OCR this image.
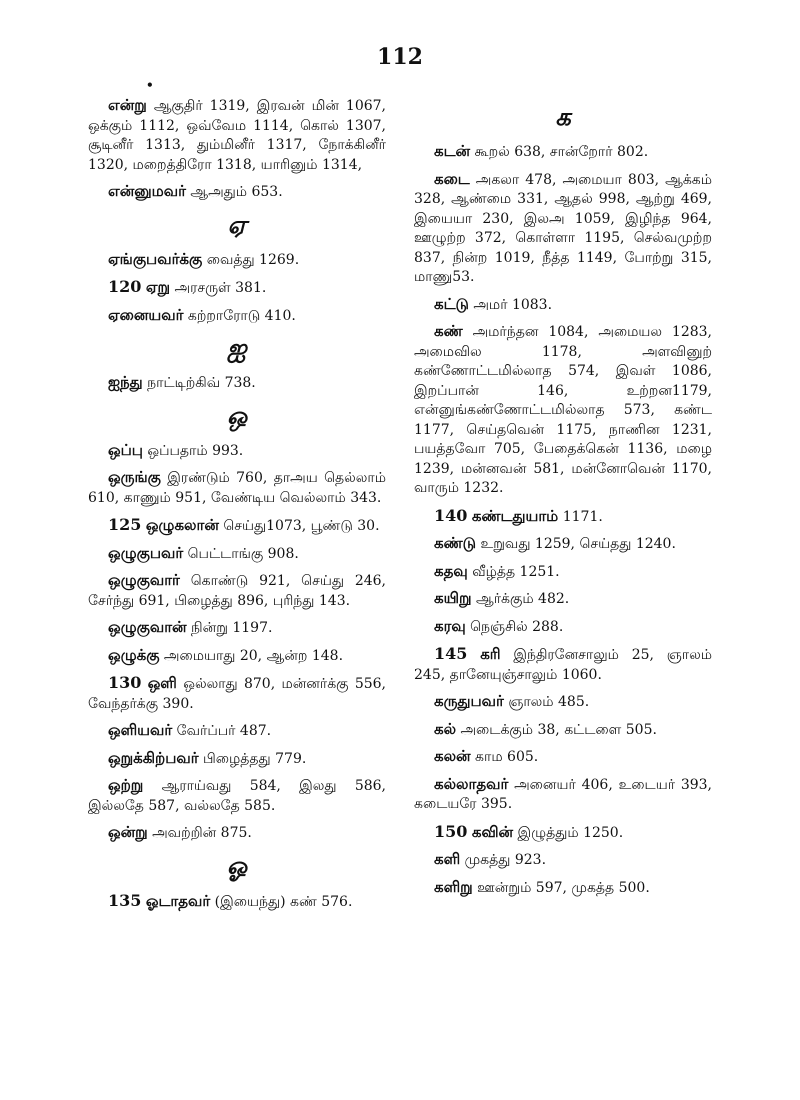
112
•
என்று ஆகுதிர் 1319, இரவன் மின் 1067, ஒக்கும் 1112, ஒவ்வேம 1114, கொல் 1307, சூடினீர் 1313, தும்மினீர் 1317, நோக்கினீர் 1320, மறைத்திரோ 1318, யாரினும் 1314,
என்னுமவர் ஆஅதும் 653.
ஏ
ஏங்குபவர்க்கு வைத்து 1269.
120 ஏறு அரசருள் 381.
ஏனையவர் கற்றாரோடு 410.
ஐ
ஐந்து நாட்டிற்கிவ் 738.
ஒ
ஒப்பு ஒப்பதாம் 993.
ஒருங்கு இரண்டும் 760, தாஅய தெல்லாம் 610, காணும் 951, வேண்டிய வெல்லாம் 343.
125 ஒழுகலான் செய்து1073, பூண்டு 30.
ஒழுகுபவர் பெட்டாங்கு 908.
ஒழுகுவார் கொண்டு 921, செய்து 246, சேர்ந்து 691, பிழைத்து 896, புரிந்து 143.
ஒழுகுவான் நின்று 1197.
ஒழுக்கு அமையாது 20, ஆன்ற 148.
130 ஒளி ஒல்லாது 870, மன்னர்க்கு 556, வேந்தர்க்கு 390.
ஒளியவர் வேர்ப்பர் 487.
ஒறுக்கிற்பவர் பிழைத்தது 779.
ஒற்று ஆராய்வது 584, இலது 586, இல்லதே 587, வல்லதே 585.
ஒன்று அவற்றின் 875.
ஓ
135 ஓடாதவர் (இயைந்து) கண் 576.
க
கடன் கூறல் 638, சான்றோர் 802.
கடை அகலா 478, அமையா 803, ஆக்கம் 328, ஆண்மை 331, ஆதல் 998, ஆற்று 469, இயையா 230, இலஅ 1059, இழிந்த 964, ஊழுற்ற 372, கொள்ளா 1195, செல்வமுற்ற 837, நின்ற 1019, நீத்த 1149, போற்று 315, மாணு53.
கட்டு அமர் 1083.
கண் அமர்ந்தன 1084, அமையல 1283, அமைவில 1178, அளவினுற் கண்ணோட்டமில்லாத 574, இவள் 1086, இறப்பான் 146, உற்றன1179, என்னுங்கண்ணோட்டமில்லாத 573, கண்ட 1177, செய்தவென் 1175, நாணின 1231, பயத்தவோ 705, பேதைக்கென் 1136, மழை 1239, மன்னவன் 581, மன்னோவென் 1170, வாரும் 1232.
140 கண்டதுயாம் 1171.
கண்டு உறுவது 1259, செய்தது 1240.
கதவு வீழ்த்த 1251.
கயிறு ஆர்க்கும் 482.
கரவு நெஞ்சில் 288.
145 கரி இந்திரனேசாலும் 25, ஞாலம் 245, தானேயுஞ்சாலும் 1060.
கருதுபவர் ஞாலம் 485.
கல் அடைக்கும் 38, கட்டளை 505.
கலன் காம 605.
கல்லாதவர் அனையர் 406, உடையர் 393, கடையரே 395.
150 கவின் இழுத்தும் 1250.
களி முகத்து 923.
களிறு ஊன்றும் 597, முகத்த 500.
